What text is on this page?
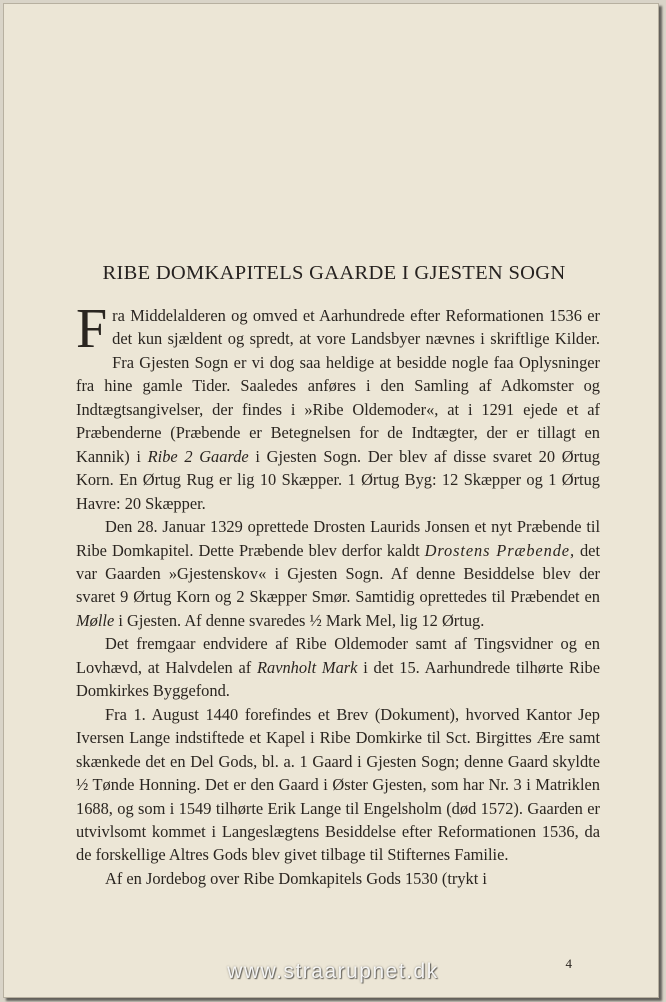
RIBE DOMKAPITELS GAARDE I GJESTEN SOGN

Fra Middelalderen og omved et Aarhundrede efter Reformationen 1536 er det kun sjældent og spredt, at vore Landsbyer nævnes i skriftlige Kilder. Fra Gjesten Sogn er vi dog saa heldige at besidde nogle faa Oplysninger fra hine gamle Tider. Saaledes anføres i den Samling af Adkomster og Indtægtsangivelser, der findes i »Ribe Oldemoder«, at i 1291 ejede et af Præbenderne (Præbende er Betegnelsen for de Indtægter, der er tillagt en Kannik) i Ribe 2 Gaarde i Gjesten Sogn. Der blev af disse svaret 20 Ørtug Korn. En Ørtug Rug er lig 10 Skæpper. 1 Ørtug Byg: 12 Skæpper og 1 Ørtug Havre: 20 Skæpper.

Den 28. Januar 1329 oprettede Drosten Laurids Jonsen et nyt Præbende til Ribe Domkapitel. Dette Præbende blev derfor kaldt Drostens Præbende, det var Gaarden »Gjestenskov« i Gjesten Sogn. Af denne Besiddelse blev der svaret 9 Ørtug Korn og 2 Skæpper Smør. Samtidig oprettedes til Præbendet en Mølle i Gjesten. Af denne svaredes ½ Mark Mel, lig 12 Ørtug.

Det fremgaar endvidere af Ribe Oldemoder samt af Tingsvidner og en Lovhævd, at Halvdelen af Ravnholt Mark i det 15. Aarhundrede tilhørte Ribe Domkirkes Byggefond.

Fra 1. August 1440 forefindes et Brev (Dokument), hvorved Kantor Jep Iversen Lange indstiftede et Kapel i Ribe Domkirke til Sct. Birgittes Ære samt skænkede det en Del Gods, bl. a. 1 Gaard i Gjesten Sogn; denne Gaard skyldte ½ Tønde Honning. Det er den Gaard i Øster Gjesten, som har Nr. 3 i Matriklen 1688, og som i 1549 tilhørte Erik Lange til Engelsholm (død 1572). Gaarden er utvivlsomt kommet i Langeslægtens Besiddelse efter Reformationen 1536, da de forskellige Altres Gods blev givet tilbage til Stifternes Familie.

Af en Jordebog over Ribe Domkapitels Gods 1530 (trykt i

4
www.straarupnet.dk
